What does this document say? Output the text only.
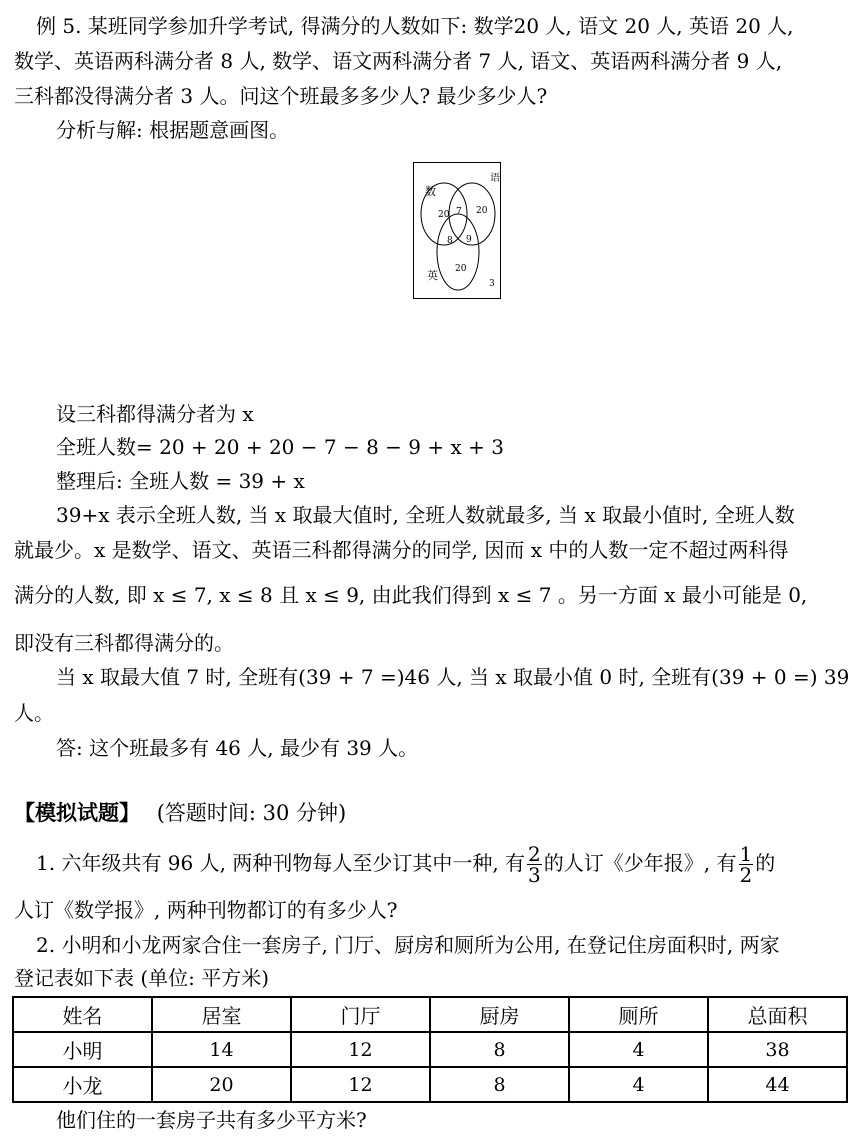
例 5. 某班同学参加升学考试, 得满分的人数如下: 数学20 人, 语文 20 人, 英语 20 人,
数学、英语两科满分者 8 人, 数学、语文两科满分者 7 人, 语文、英语两科满分者 9 人,
三科都没得满分者 3 人。问这个班最多多少人? 最少多少人?
分析与解: 根据题意画图。
数
语
英
20 7 20
8 9
20
3
设三科都得满分者为 x
全班人数= 20 + 20 + 20 − 7 − 8 − 9 + x + 3
整理后: 全班人数 = 39 + x
39+x 表示全班人数, 当 x 取最大值时, 全班人数就最多, 当 x 取最小值时, 全班人数
就最少。x 是数学、语文、英语三科都得满分的同学, 因而 x 中的人数一定不超过两科得
满分的人数, 即 x ≤ 7, x ≤ 8 且 x ≤ 9, 由此我们得到 x ≤ 7 。另一方面 x 最小可能是 0,
即没有三科都得满分的。
当 x 取最大值 7 时, 全班有(39 + 7 =)46 人, 当 x 取最小值 0 时, 全班有(39 + 0 =) 39
人。
答: 这个班最多有 46 人, 最少有 39 人。
【模拟试题】 (答题时间: 30 分钟)
1. 六年级共有 96 人, 两种刊物每人至少订其中一种, 有 $\frac{2}{3}$ 的人订《少年报》, 有 $\frac{1}{2}$ 的
人订《数学报》, 两种刊物都订的有多少人?
2. 小明和小龙两家合住一套房子, 门厅、厨房和厕所为公用, 在登记住房面积时, 两家
登记表如下表 (单位: 平方米)
姓名	居室	门厅	厨房	厕所	总面积
小明	14	12	8	4	38
小龙	20	12	8	4	44
他们住的一套房子共有多少平方米?
